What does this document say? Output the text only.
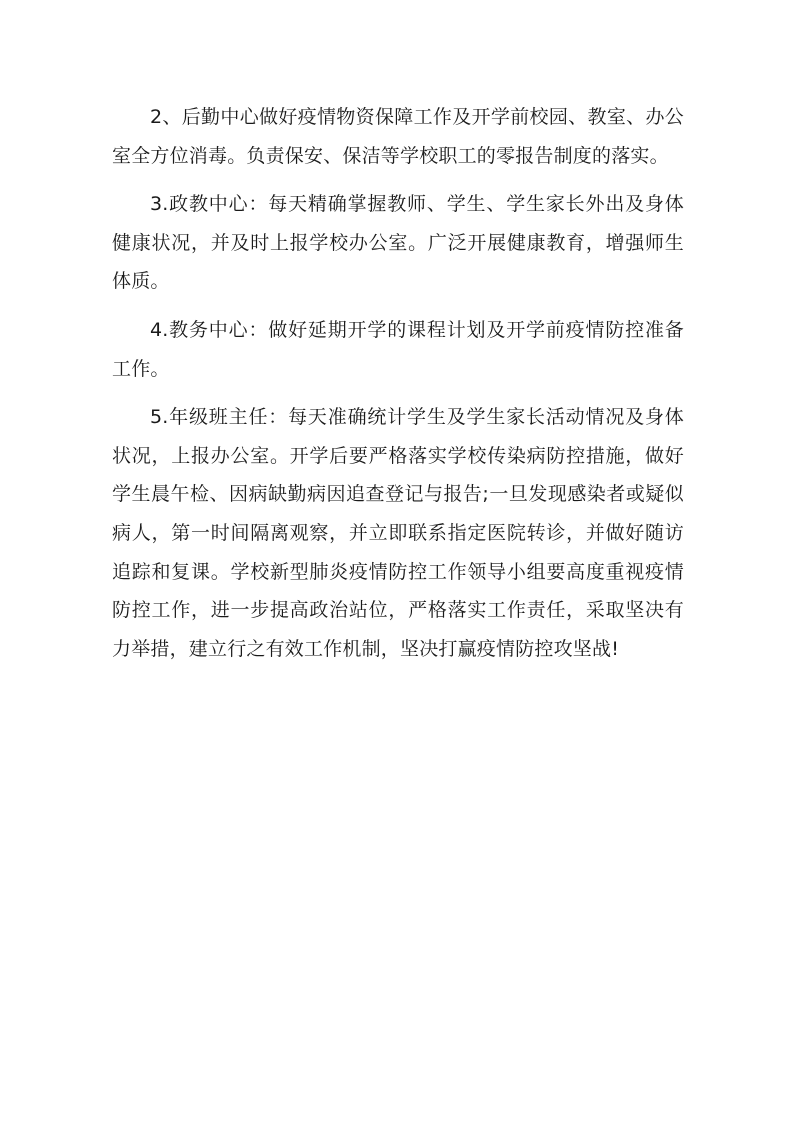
2、后勤中心做好疫情物资保障工作及开学前校园、教室、办公室全方位消毒。负责保安、保洁等学校职工的零报告制度的落实。

3.政教中心：每天精确掌握教师、学生、学生家长外出及身体健康状况，并及时上报学校办公室。广泛开展健康教育，增强师生体质。

4.教务中心：做好延期开学的课程计划及开学前疫情防控准备工作。

5.年级班主任：每天准确统计学生及学生家长活动情况及身体状况，上报办公室。开学后要严格落实学校传染病防控措施，做好学生晨午检、因病缺勤病因追查登记与报告;一旦发现感染者或疑似病人，第一时间隔离观察，并立即联系指定医院转诊，并做好随访追踪和复课。学校新型肺炎疫情防控工作领导小组要高度重视疫情防控工作，进一步提高政治站位，严格落实工作责任，采取坚决有力举措，建立行之有效工作机制，坚决打赢疫情防控攻坚战!
